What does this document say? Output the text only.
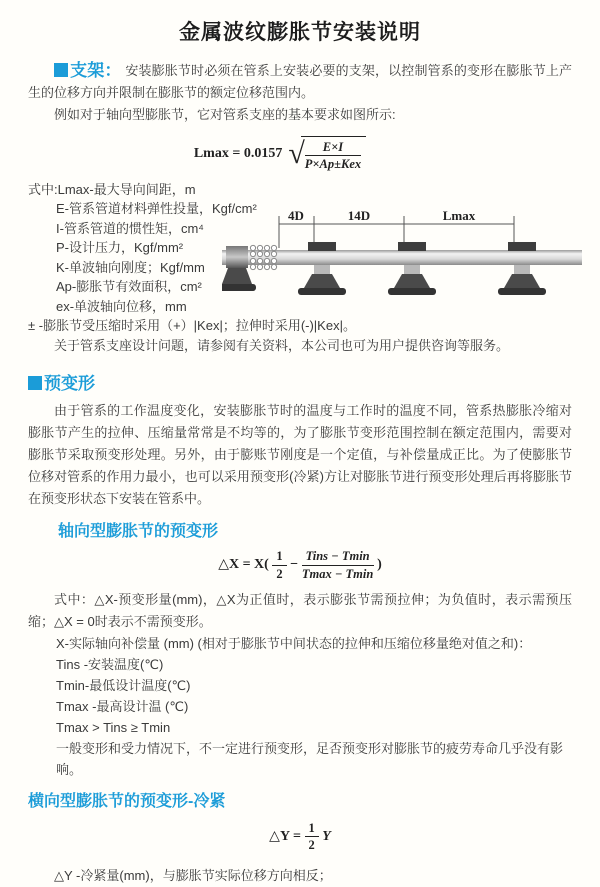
金属波纹膨胀节安装说明

支架： 安装膨胀节时必须在管系上安装必要的支架，以控制管系的变形在膨胀节上产生的位移方向并限制在膨胀节的额定位移范围内。

例如对于轴向型膨胀节，它对管系支座的基本要求如图所示:

Lmax = 0.0157 √ $\frac{E\times I}{\text{P×Ap±Kex}}$
式中:Lmax-最大导向间距，m
E-管系管道材料弹性投量，Kgf/cm²
I-管系管道的惯性矩，cm⁴
P-设计压力，Kgf/mm²
K-单波轴向刚度；Kgf/mm
Ap-膨胀节有效面积，cm²
ex-单波轴向位移，mm
4D	14D	Lmax

± -膨胀节受压缩时采用（+）|Kex|；拉伸时采用(-)|Kex|。

关于管系支座设计问题，请参阅有关资料，本公司也可为用户提供咨询等服务。

预变形

由于管系的工作温度变化，安装膨胀节时的温度与工作时的温度不同，管系热膨胀冷缩对膨胀节产生的拉伸、压缩量常常是不均等的，为了膨胀节变形范围控制在额定范围内，需要对膨胀节采取预变形处理。另外，由于膨账节刚度是一个定值，与补偿量成正比。为了使膨胀节位移对管系的作用力最小，也可以采用预变形(冷紧)方让对膨胀节进行预变形处理后再将膨胀节在预变形状态下安装在管系中。

轴向型膨胀节的预变形
△X = $X( \frac{1}{2} - \frac{\text{Tins − Tmin}}{Tmax - Tmin}$ )

式中：△X-预变形量(mm)，△X为正值时，表示膨张节需预拉伸；为负值时，表示需预压缩；△X = 0时表示不需预变形。

X-实际轴向补偿量 (mm) (相对于膨胀节中间状态的拉伸和压缩位移量绝对值之和)：
Tins -安装温度(℃)
Tmin-最低设计温度(℃)
Tmax -最高设计温 (℃)
Tmax > Tins ≥ Tmin
一般变形和受力情况下，不一定进行预变形，足否预变形对膨胀节的疲劳寿命几乎没有影响。
横向型膨胀节的预变形-冷紧
△Y = $\frac{1}{2}$ Y

△Y -冷紧量(mm)，与膨胀节实际位移方向相反；
